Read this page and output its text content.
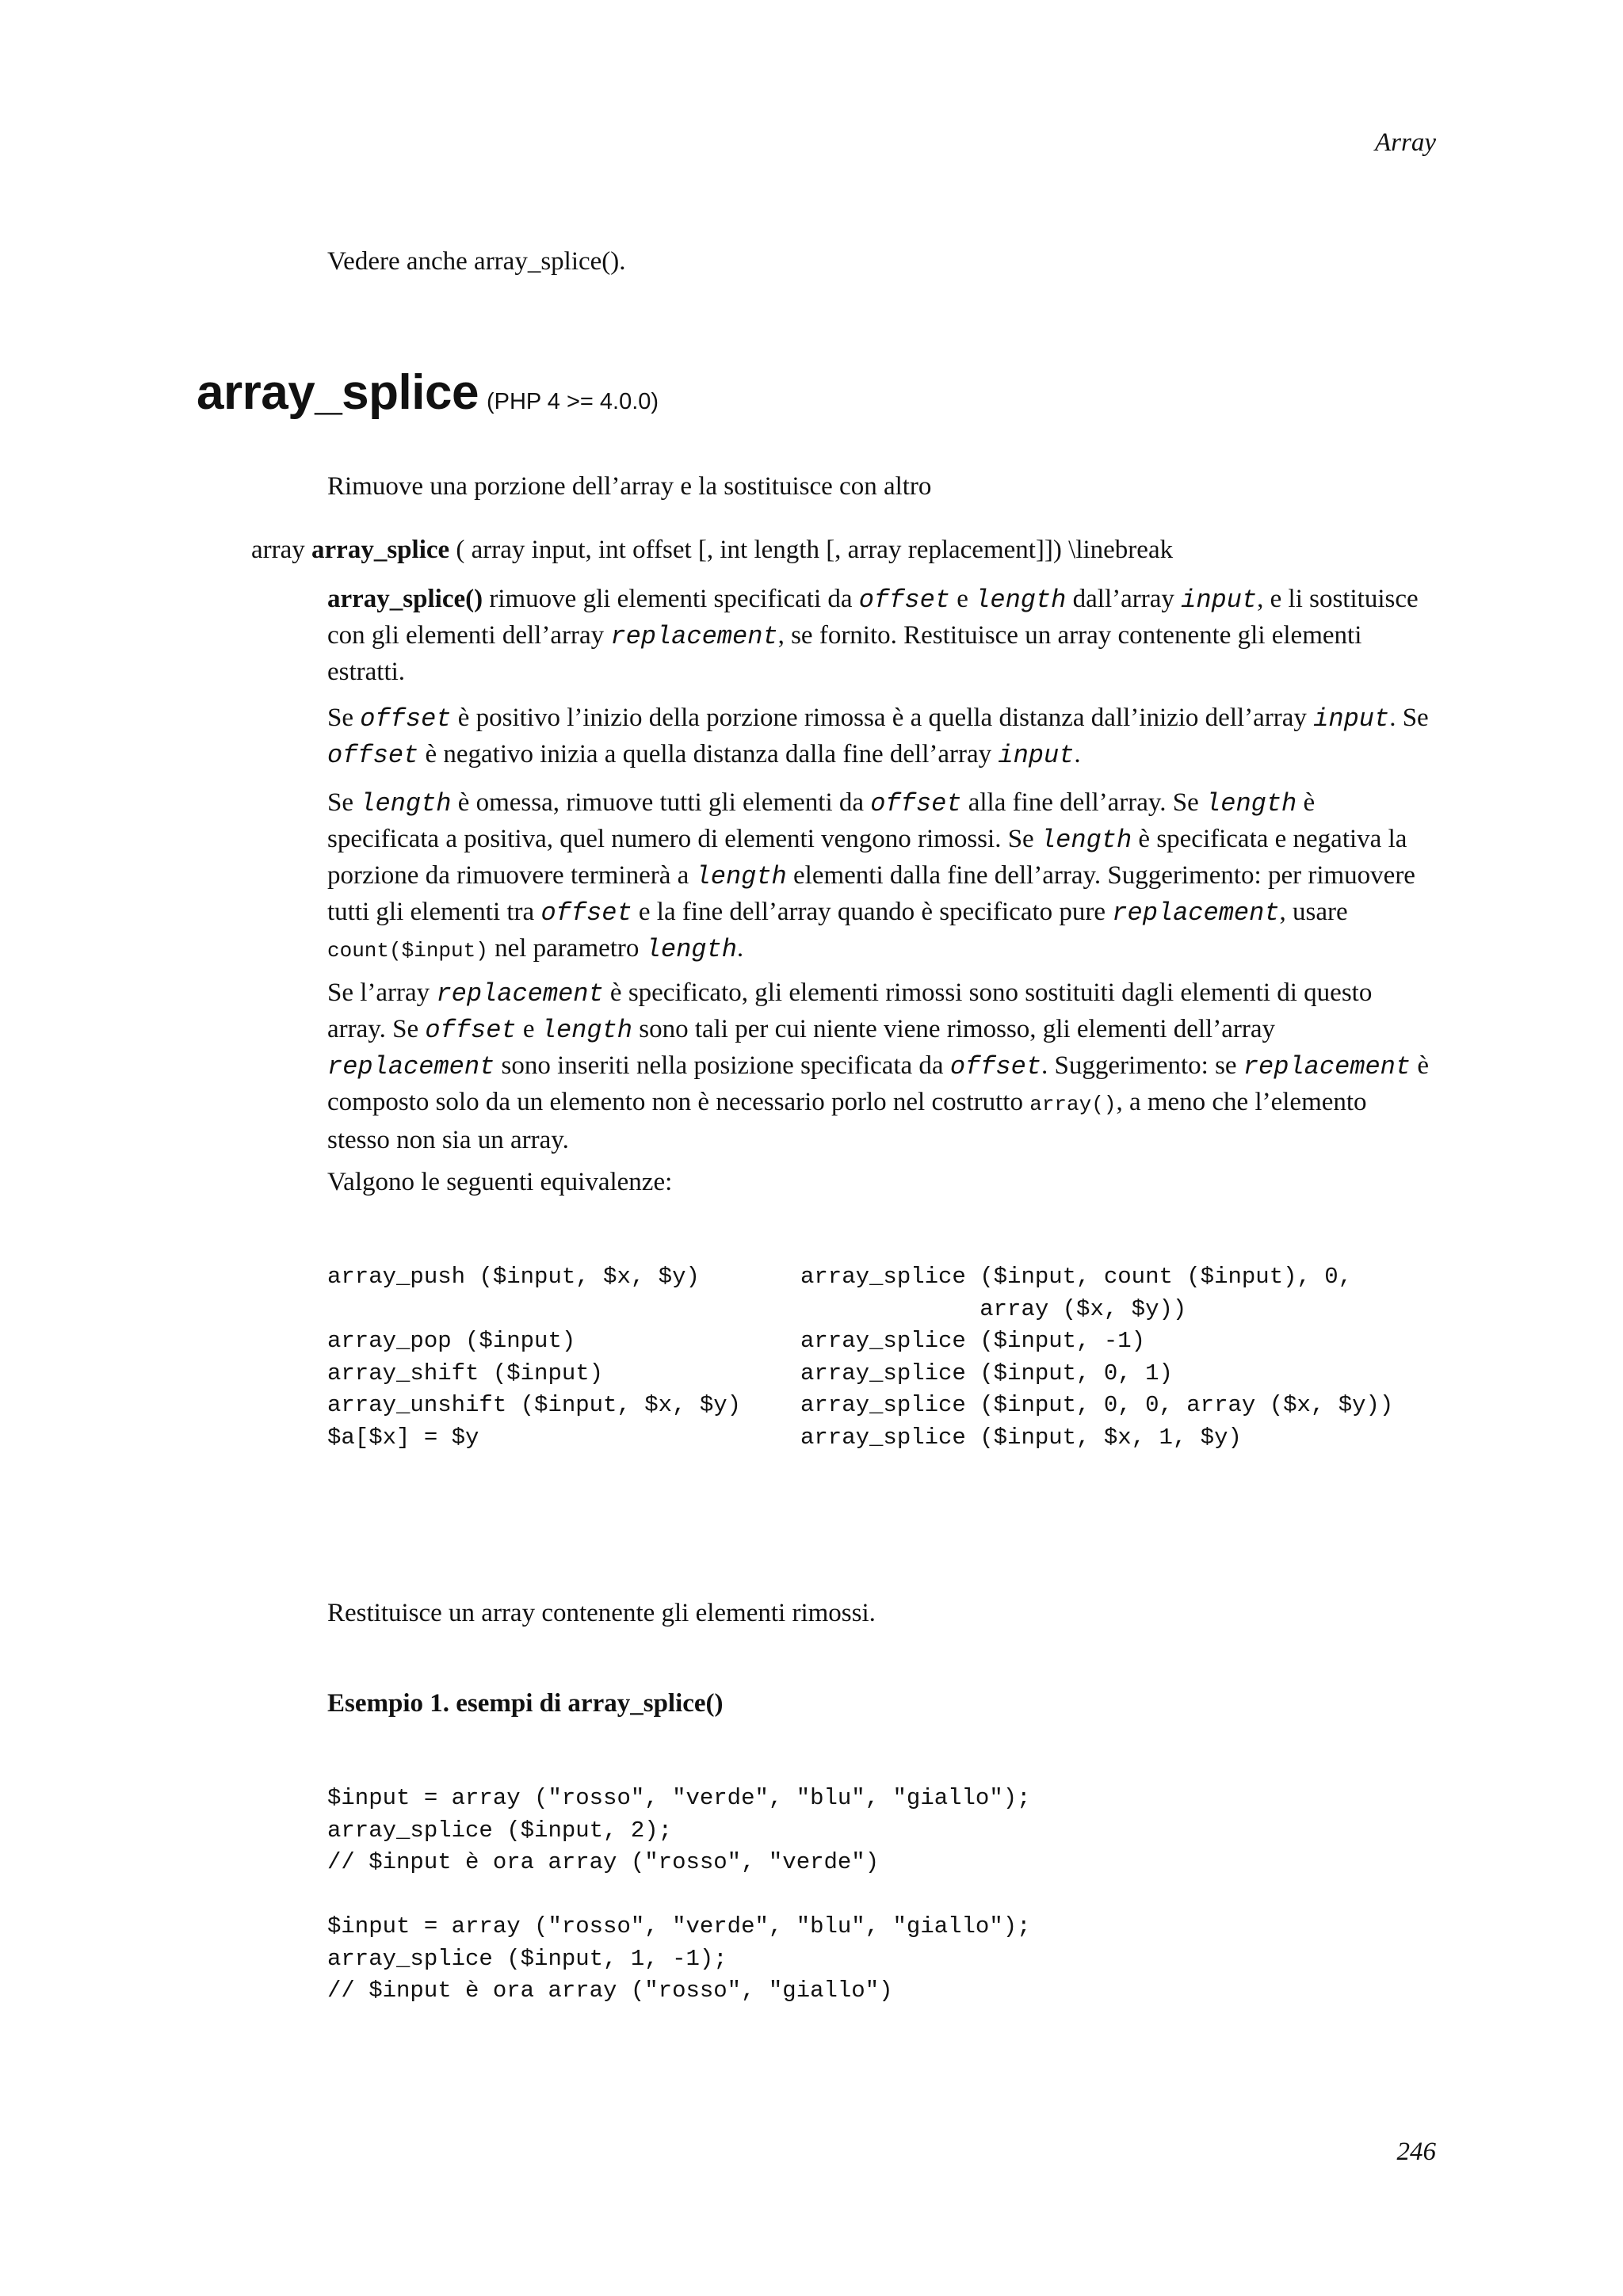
Array

Vedere anche array_splice().

array_splice (PHP 4 >= 4.0.0)

Rimuove una porzione dell’array e la sostituisce con altro

array array_splice ( array input, int offset [, int length [, array replacement]]) \linebreak

array_splice() rimuove gli elementi specificati da offset e length dall’array input, e li sostituisce con gli elementi dell’array replacement, se fornito. Restituisce un array contenente gli elementi estratti.

Se offset è positivo l’inizio della porzione rimossa è a quella distanza dall’inizio dell’array input. Se offset è negativo inizia a quella distanza dalla fine dell’array input.

Se length è omessa, rimuove tutti gli elementi da offset alla fine dell’array. Se length è specificata a positiva, quel numero di elementi vengono rimossi. Se length è specificata e negativa la porzione da rimuovere terminerà a length elementi dalla fine dell’array. Suggerimento: per rimuovere tutti gli elementi tra offset e la fine dell’array quando è specificato pure replacement, usare count($input) nel parametro length.

Se l’array replacement è specificato, gli elementi rimossi sono sostituiti dagli elementi di questo array. Se offset e length sono tali per cui niente viene rimosso, gli elementi dell’array replacement sono inseriti nella posizione specificata da offset. Suggerimento: se replacement è composto solo da un elemento non è necessario porlo nel costrutto array(), a meno che l’elemento stesso non sia un array.

Valgono le seguenti equivalenze:

array_push ($input, $x, $y)	array_splice ($input, count ($input), 0,
array ($x, $y))
array_pop ($input)	array_splice ($input, -1)
array_shift ($input)	array_splice ($input, 0, 1)
array_unshift ($input, $x, $y)	array_splice ($input, 0, 0, array ($x, $y))
$a[$x] = $y	array_splice ($input, $x, 1, $y)

Restituisce un array contenente gli elementi rimossi.

Esempio 1. esempi di array_splice()

$input = array ("rosso", "verde", "blu", "giallo");
array_splice ($input, 2);
// $input è ora array ("rosso", "verde")
$input = array ("rosso", "verde", "blu", "giallo");
array_splice ($input, 1, -1);
// $input è ora array ("rosso", "giallo")
246
